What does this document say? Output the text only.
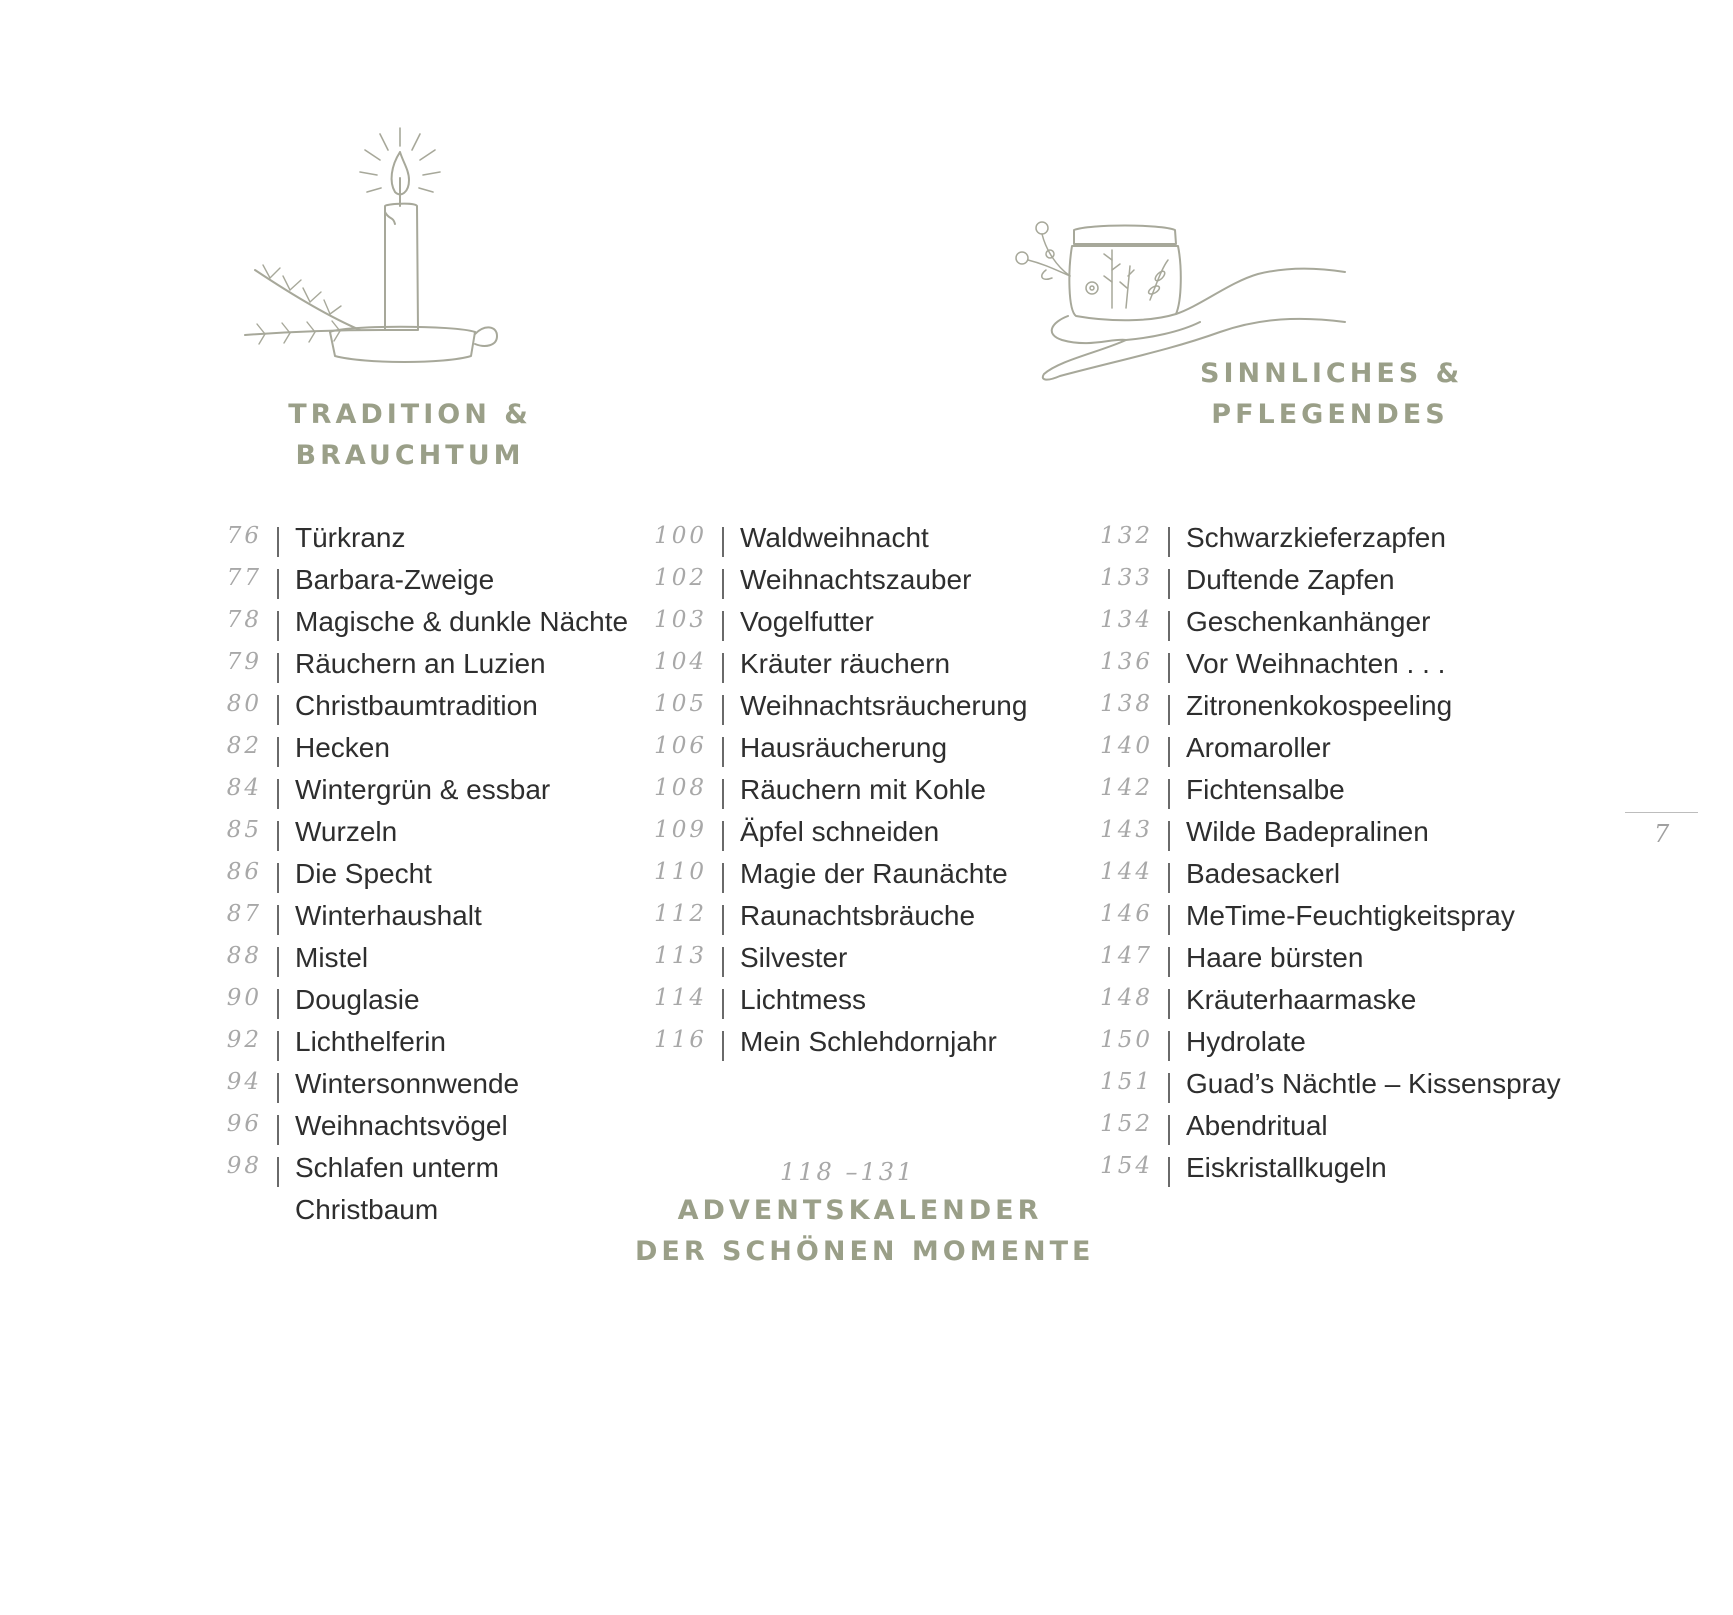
TRADITION &
BRAUCHTUM
SINNLICHES &
PFLEGENDES
76 Türkranz
77 Barbara-Zweige
78 Magische & dunkle Nächte
79 Räuchern an Luzien
80 Christbaumtradition
82 Hecken
84 Wintergrün & essbar
85 Wurzeln
86 Die Specht
87 Winterhaushalt
88 Mistel
90 Douglasie
92 Lichthelferin
94 Wintersonnwende
96 Weihnachtsvögel
98 Schlafen unterm
Christbaum
100 Waldweihnacht
102 Weihnachtszauber
103 Vogelfutter
104 Kräuter räuchern
105 Weihnachtsräucherung
106 Hausräucherung
108 Räuchern mit Kohle
109 Äpfel schneiden
110 Magie der Raunächte
112 Raunachtsbräuche
113 Silvester
114 Lichtmess
116 Mein Schlehdornjahr
132 Schwarzkieferzapfen
133 Duftende Zapfen
134 Geschenkanhänger
136 Vor Weihnachten . . .
138 Zitronenkokospeeling
140 Aromaroller
142 Fichtensalbe
143 Wilde Badepralinen
144 Badesackerl
146 MeTime-Feuchtigkeitspray
147 Haare bürsten
148 Kräuterhaarmaske
150 Hydrolate
151 Guad’s Nächtle – Kissenspray
152 Abendritual
154 Eiskristallkugeln
118 –131
ADVENTSKALENDER
DER SCHÖNEN MOMENTE
7
